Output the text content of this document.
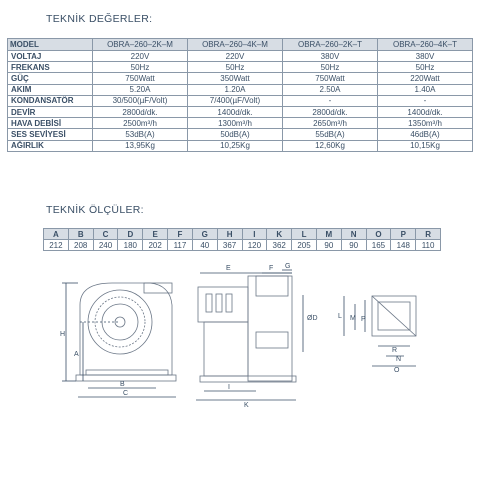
TEKNİK DEĞERLER:
MODEL	OBRA–260–2K–M	OBRA–260–4K–M	OBRA–260–2K–T	OBRA–260–4K–T
VOLTAJ	220V	220V	380V	380V
FREKANS	50Hz	50Hz	50Hz	50Hz
GÜÇ	750Watt	350Watt	750Watt	220Watt
AKIM	5.20A	1.20A	2.50A	1.40A
KONDANSATÖR	30/500(µF/Volt)	7/400(µF/Volt)	-	-
DEVİR	2800d/dk.	1400d/dk.	2800d/dk.	1400d/dk.
HAVA DEBİSİ	2500m³/h	1300m³/h	2650m³/h	1350m³/h
SES SEVİYESİ	53dB(A)	50dB(A)	55dB(A)	46dB(A)
AĞIRLIK	13,95Kg	10,25Kg	12,60Kg	10,15Kg
TEKNİK ÖLÇÜLER:
A	B	C	D	E	F	G	H	I	K	L	M	N	O	P	R
212	208	240	180	202	117	40	367	120	362	205	90	90	165	148	110
H
A
B
C
E	F G
ØD
I
K
L M P
R
N
O
